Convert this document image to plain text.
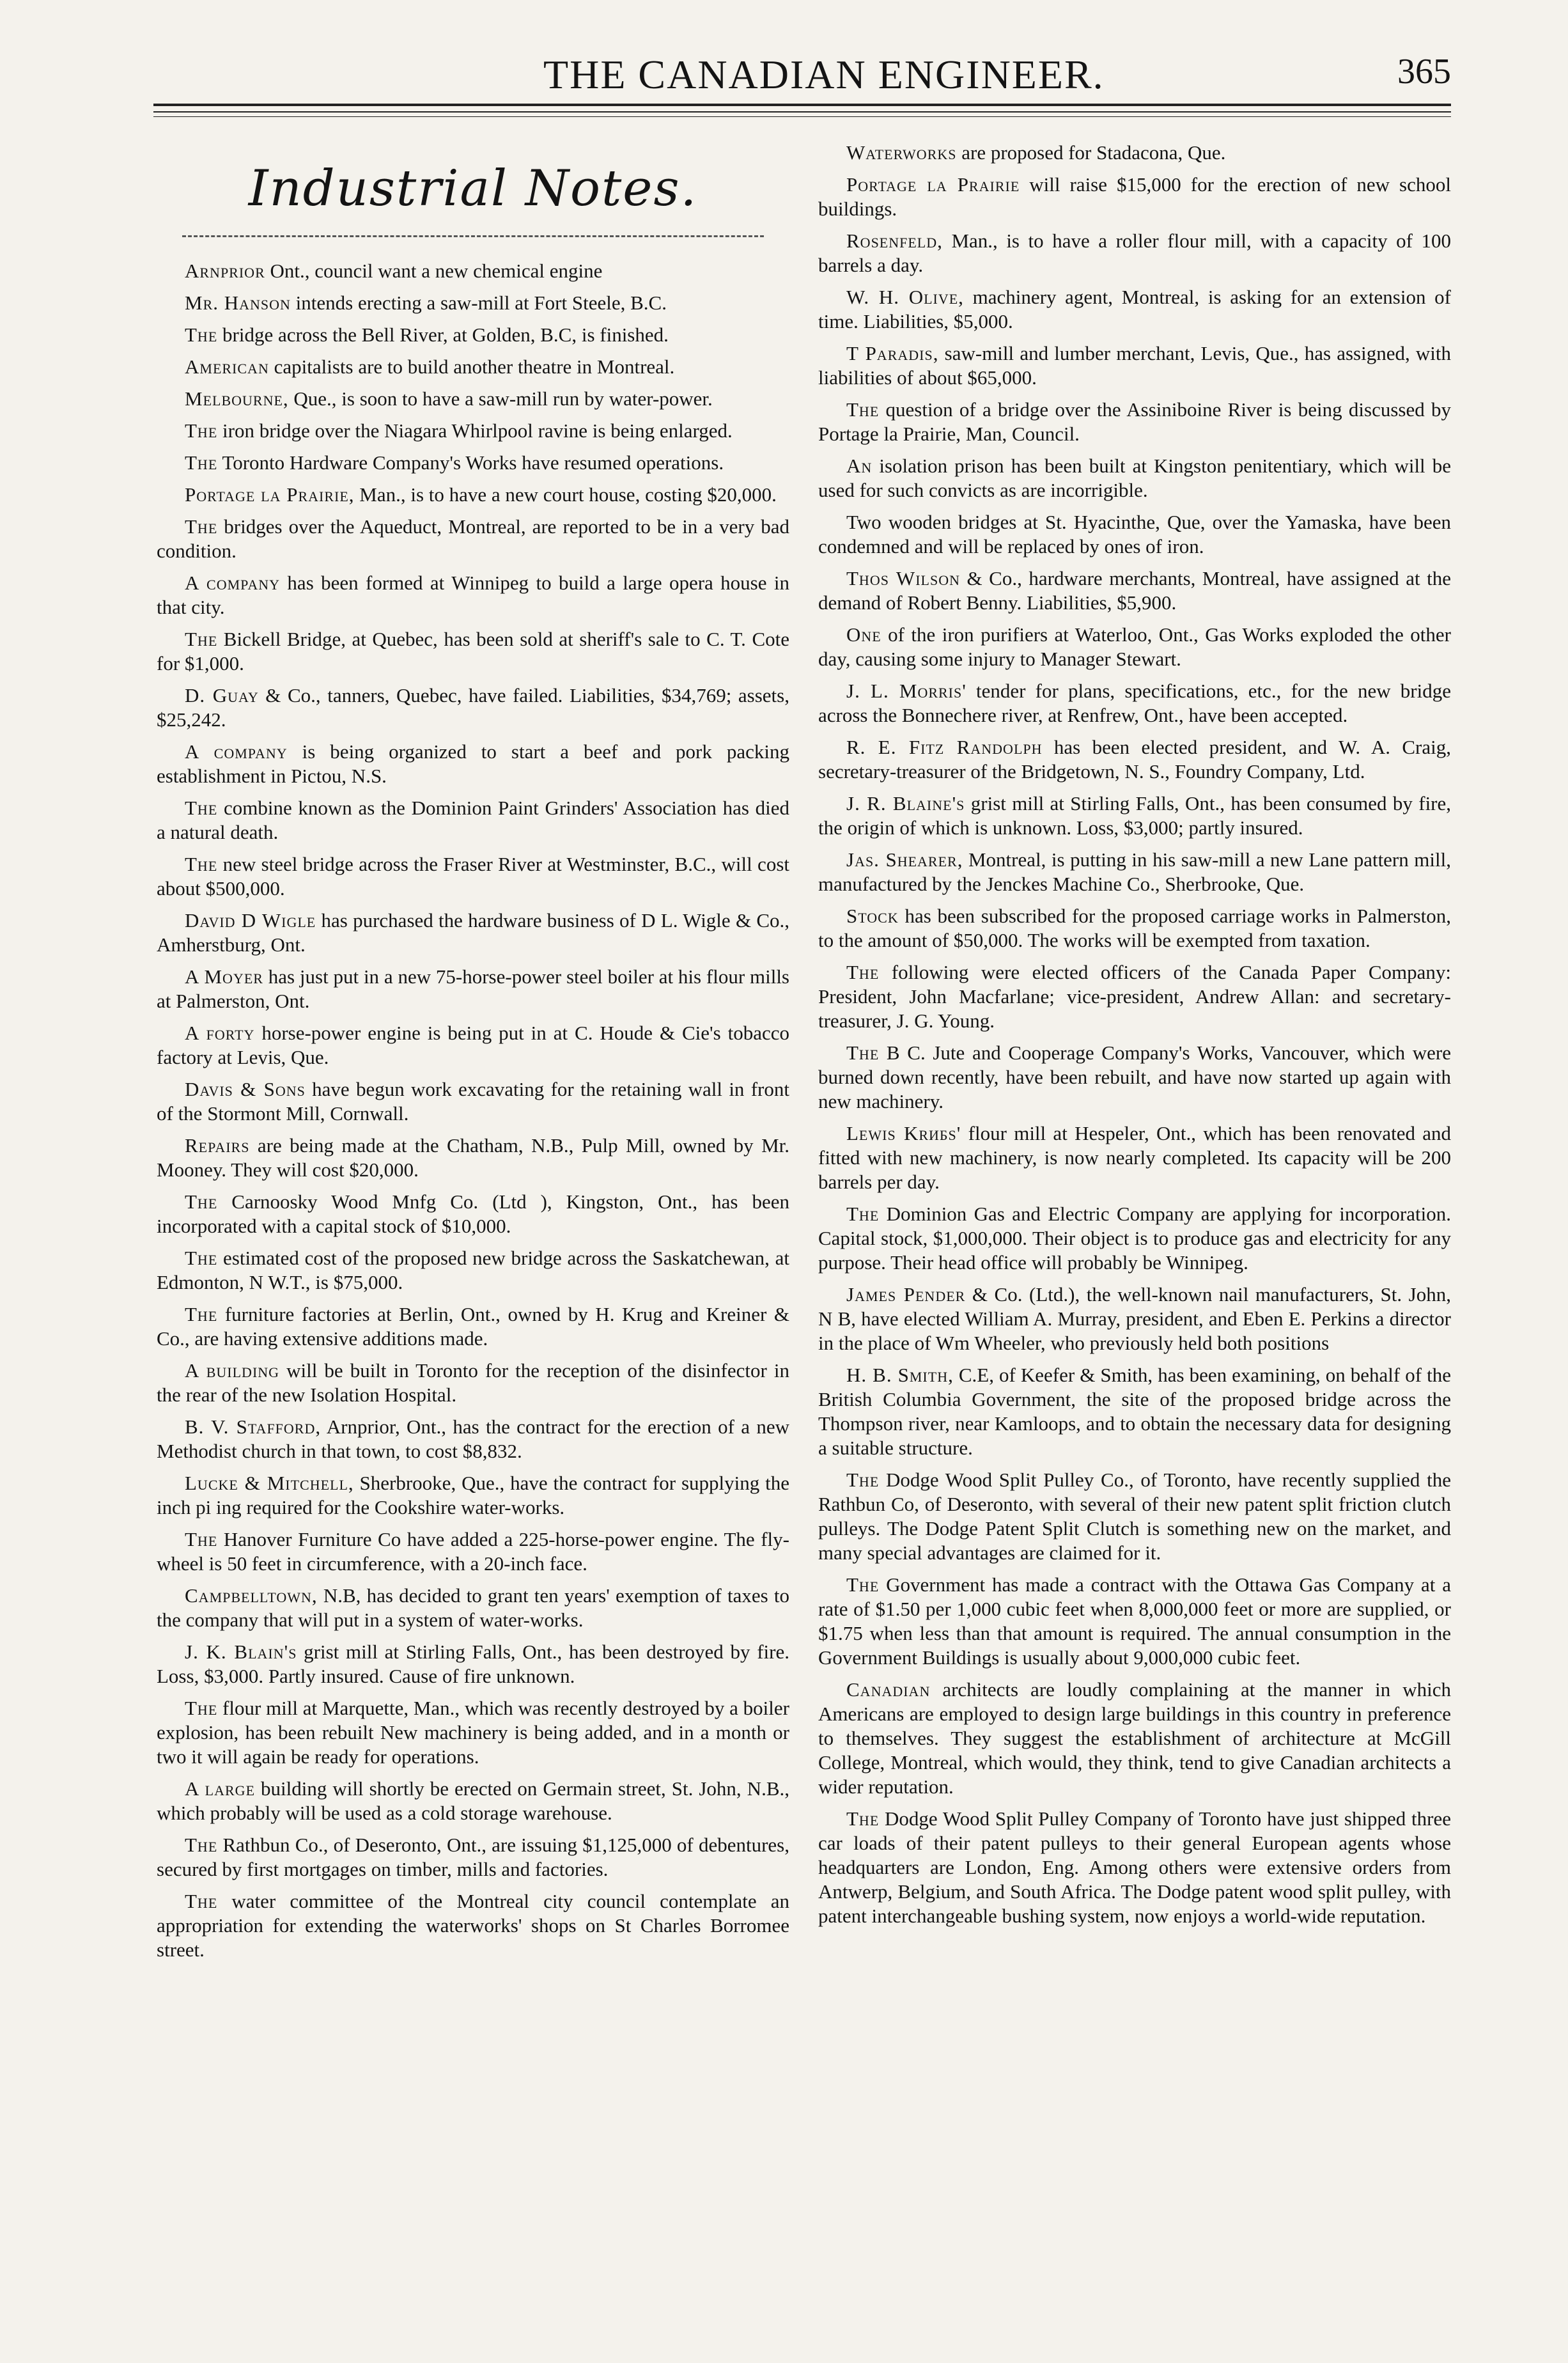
THE CANADIAN ENGINEER.	365
Industrial Notes.

Arnprior Ont., council want a new chemical engine

Mr. Hanson intends erecting a saw-mill at Fort Steele, B.C.

The bridge across the Bell River, at Golden, B.C, is finished.

American capitalists are to build another theatre in Montreal.

Melbourne, Que., is soon to have a saw-mill run by water-power.

The iron bridge over the Niagara Whirlpool ravine is being enlarged.

The Toronto Hardware Company's Works have resumed operations.

Portage la Prairie, Man., is to have a new court house, costing $20,000.

The bridges over the Aqueduct, Montreal, are reported to be in a very bad condition.

A company has been formed at Winnipeg to build a large opera house in that city.

The Bickell Bridge, at Quebec, has been sold at sheriff's sale to C. T. Cote for $1,000.

D. Guay & Co., tanners, Quebec, have failed. Liabilities, $34,769; assets, $25,242.

A company is being organized to start a beef and pork packing establishment in Pictou, N.S.

The combine known as the Dominion Paint Grinders' Association has died a natural death.

The new steel bridge across the Fraser River at Westminster, B.C., will cost about $500,000.

David D Wigle has purchased the hardware business of D L. Wigle & Co., Amherstburg, Ont.

A Moyer has just put in a new 75-horse-power steel boiler at his flour mills at Palmerston, Ont.

A forty horse-power engine is being put in at C. Houde & Cie's tobacco factory at Levis, Que.

Davis & Sons have begun work excavating for the retaining wall in front of the Stormont Mill, Cornwall.

Repairs are being made at the Chatham, N.B., Pulp Mill, owned by Mr. Mooney. They will cost $20,000.

The Carnoosky Wood Mnfg Co. (Ltd ), Kingston, Ont., has been incorporated with a capital stock of $10,000.

The estimated cost of the proposed new bridge across the Saskatchewan, at Edmonton, N W.T., is $75,000.

The furniture factories at Berlin, Ont., owned by H. Krug and Kreiner & Co., are having extensive additions made.

A building will be built in Toronto for the reception of the disinfector in the rear of the new Isolation Hospital.

B. V. Stafford, Arnprior, Ont., has the contract for the erection of a new Methodist church in that town, to cost $8,832.

Lucke & Mitchell, Sherbrooke, Que., have the contract for supplying the inch pi ing required for the Cookshire water-works.

The Hanover Furniture Co have added a 225-horse-power engine. The fly-wheel is 50 feet in circumference, with a 20-inch face.

Campbelltown, N.B, has decided to grant ten years' exemption of taxes to the company that will put in a system of water-works.

J. K. Blain's grist mill at Stirling Falls, Ont., has been destroyed by fire. Loss, $3,000. Partly insured. Cause of fire unknown.

The flour mill at Marquette, Man., which was recently destroyed by a boiler explosion, has been rebuilt New machinery is being added, and in a month or two it will again be ready for operations.

A large building will shortly be erected on Germain street, St. John, N.B., which probably will be used as a cold storage warehouse.

The Rathbun Co., of Deseronto, Ont., are issuing $1,125,000 of debentures, secured by first mortgages on timber, mills and factories.

The water committee of the Montreal city council contemplate an appropriation for extending the waterworks' shops on St Charles Borromee street.

Waterworks are proposed for Stadacona, Que.

Portage la Prairie will raise $15,000 for the erection of new school buildings.

Rosenfeld, Man., is to have a roller flour mill, with a capacity of 100 barrels a day.

W. H. Olive, machinery agent, Montreal, is asking for an extension of time. Liabilities, $5,000.

T Paradis, saw-mill and lumber merchant, Levis, Que., has assigned, with liabilities of about $65,000.

The question of a bridge over the Assiniboine River is being discussed by Portage la Prairie, Man, Council.

An isolation prison has been built at Kingston penitentiary, which will be used for such convicts as are incorrigible.

Two wooden bridges at St. Hyacinthe, Que, over the Yamaska, have been condemned and will be replaced by ones of iron.

Thos Wilson & Co., hardware merchants, Montreal, have assigned at the demand of Robert Benny. Liabilities, $5,900.

One of the iron purifiers at Waterloo, Ont., Gas Works exploded the other day, causing some injury to Manager Stewart.

J. L. Morris' tender for plans, specifications, etc., for the new bridge across the Bonnechere river, at Renfrew, Ont., have been accepted.

R. E. Fitz Randolph has been elected president, and W. A. Craig, secretary-treasurer of the Bridgetown, N. S., Foundry Company, Ltd.

J. R. Blaine's grist mill at Stirling Falls, Ont., has been consumed by fire, the origin of which is unknown. Loss, $3,000; partly insured.

Jas. Shearer, Montreal, is putting in his saw-mill a new Lane pattern mill, manufactured by the Jenckes Machine Co., Sherbrooke, Que.

Stock has been subscribed for the proposed carriage works in Palmerston, to the amount of $50,000. The works will be exempted from taxation.

The following were elected officers of the Canada Paper Company: President, John Macfarlane; vice-president, Andrew Allan: and secretary-treasurer, J. G. Young.

The B C. Jute and Cooperage Company's Works, Vancouver, which were burned down recently, have been rebuilt, and have now started up again with new machinery.

Lewis Krибs' flour mill at Hespeler, Ont., which has been renovated and fitted with new machinery, is now nearly completed. Its capacity will be 200 barrels per day.

The Dominion Gas and Electric Company are applying for incorporation. Capital stock, $1,000,000. Their object is to produce gas and electricity for any purpose. Their head office will probably be Winnipeg.

James Pender & Co. (Ltd.), the well-known nail manufacturers, St. John, N B, have elected William A. Murray, president, and Eben E. Perkins a director in the place of Wm Wheeler, who previously held both positions

H. B. Smith, C.E, of Keefer & Smith, has been examining, on behalf of the British Columbia Government, the site of the proposed bridge across the Thompson river, near Kamloops, and to obtain the necessary data for designing a suitable structure.

The Dodge Wood Split Pulley Co., of Toronto, have recently supplied the Rathbun Co, of Deseronto, with several of their new patent split friction clutch pulleys. The Dodge Patent Split Clutch is something new on the market, and many special advantages are claimed for it.

The Government has made a contract with the Ottawa Gas Company at a rate of $1.50 per 1,000 cubic feet when 8,000,000 feet or more are supplied, or $1.75 when less than that amount is required. The annual consumption in the Government Buildings is usually about 9,000,000 cubic feet.

Canadian architects are loudly complaining at the manner in which Americans are employed to design large buildings in this country in preference to themselves. They suggest the establishment of architecture at McGill College, Montreal, which would, they think, tend to give Canadian architects a wider reputation.

The Dodge Wood Split Pulley Company of Toronto have just shipped three car loads of their patent pulleys to their general European agents whose headquarters are London, Eng. Among others were extensive orders from Antwerp, Belgium, and South Africa. The Dodge patent wood split pulley, with patent interchangeable bushing system, now enjoys a world-wide reputation.
